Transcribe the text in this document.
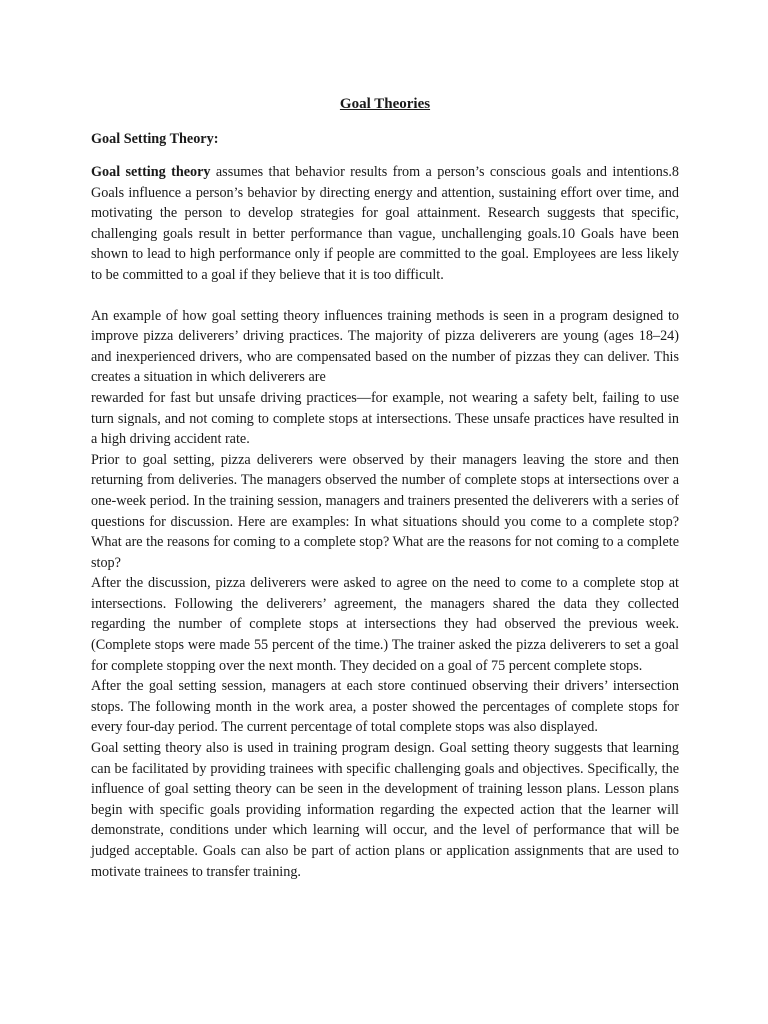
Goal Theories
Goal Setting Theory:

Goal setting theory assumes that behavior results from a person’s conscious goals and intentions.8 Goals influence a person’s behavior by directing energy and attention, sustaining effort over time, and motivating the person to develop strategies for goal attainment. Research suggests that specific, challenging goals result in better performance than vague, unchallenging goals.10 Goals have been shown to lead to high performance only if people are committed to the goal. Employees are less likely to be committed to a goal if they believe that it is too difficult.

An example of how goal setting theory influences training methods is seen in a program designed to improve pizza deliverers’ driving practices. The majority of pizza deliverers are young (ages 18–24) and inexperienced drivers, who are compensated based on the number of pizzas they can deliver. This creates a situation in which deliverers are

rewarded for fast but unsafe driving practices—for example, not wearing a safety belt, failing to use turn signals, and not coming to complete stops at intersections. These unsafe practices have resulted in a high driving accident rate.

Prior to goal setting, pizza deliverers were observed by their managers leaving the store and then returning from deliveries. The managers observed the number of complete stops at intersections over a one-week period. In the training session, managers and trainers presented the deliverers with a series of questions for discussion. Here are examples: In what situations should you come to a complete stop? What are the reasons for coming to a complete stop? What are the reasons for not coming to a complete stop?

After the discussion, pizza deliverers were asked to agree on the need to come to a complete stop at intersections. Following the deliverers’ agreement, the managers shared the data they collected regarding the number of complete stops at intersections they had observed the previous week. (Complete stops were made 55 percent of the time.) The trainer asked the pizza deliverers to set a goal for complete stopping over the next month. They decided on a goal of 75 percent complete stops.

After the goal setting session, managers at each store continued observing their drivers’ intersection stops. The following month in the work area, a poster showed the percentages of complete stops for every four-day period. The current percentage of total complete stops was also displayed.

Goal setting theory also is used in training program design. Goal setting theory suggests that learning can be facilitated by providing trainees with specific challenging goals and objectives. Specifically, the influence of goal setting theory can be seen in the development of training lesson plans. Lesson plans begin with specific goals providing information regarding the expected action that the learner will demonstrate, conditions under which learning will occur, and the level of performance that will be judged acceptable. Goals can also be part of action plans or application assignments that are used to motivate trainees to transfer training.
